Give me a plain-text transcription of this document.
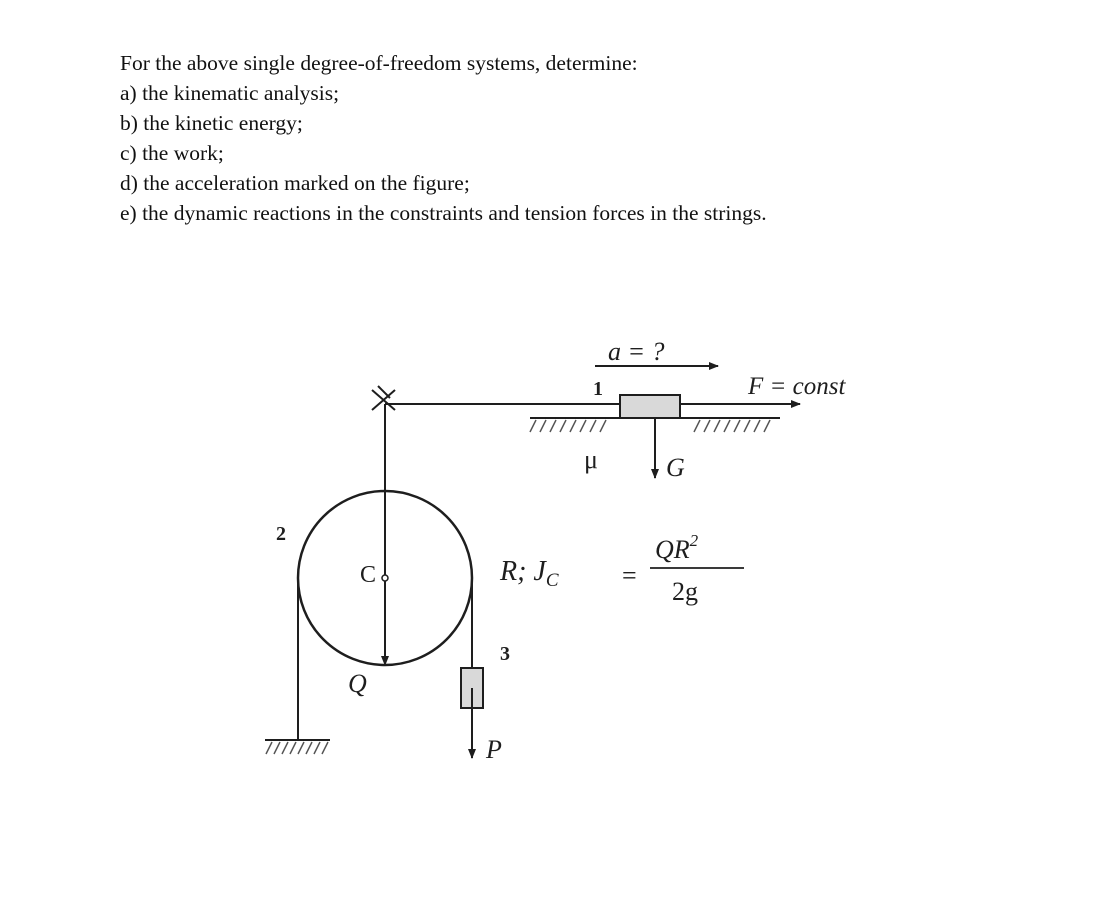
For the above single degree-of-freedom systems, determine:
a) the kinematic analysis;
b) the kinetic energy;
c) the work;
d) the acceleration marked on the figure;
e) the dynamic reactions in the constraints and tension forces in the strings.
a = ?
F = const
1
μ	G
2
C
Q
3
P
R; $J_C$ =
$QR^2$
2g
